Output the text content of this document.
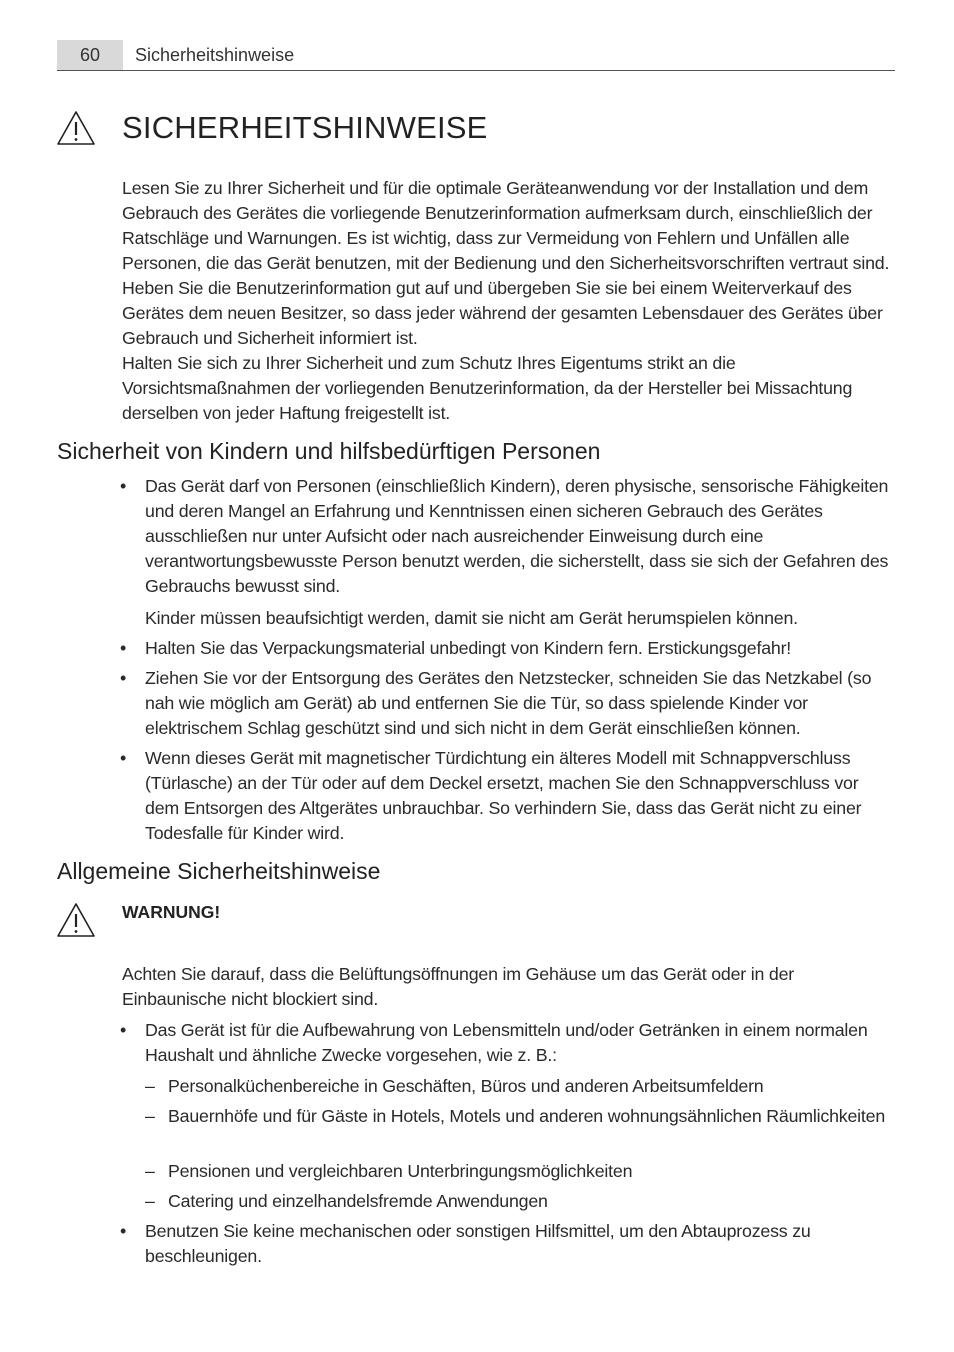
60	Sicherheitshinweise
SICHERHEITSHINWEISE

Lesen Sie zu Ihrer Sicherheit und für die optimale Geräteanwendung vor der Installation und dem Gebrauch des Gerätes die vorliegende Benutzerinformation aufmerksam durch, einschließlich der Ratschläge und Warnungen. Es ist wichtig, dass zur Vermeidung von Fehlern und Unfällen alle Personen, die das Gerät benutzen, mit der Bedienung und den Sicherheitsvorschriften vertraut sind. Heben Sie die Benutzerinformation gut auf und übergeben Sie sie bei einem Weiterverkauf des Gerätes dem neuen Besitzer, so dass jeder während der gesamten Lebensdauer des Gerätes über Gebrauch und Sicherheit informiert ist.
Halten Sie sich zu Ihrer Sicherheit und zum Schutz Ihres Eigentums strikt an die Vorsichtsmaßnahmen der vorliegenden Benutzerinformation, da der Hersteller bei Missachtung derselben von jeder Haftung freigestellt ist.

Sicherheit von Kindern und hilfsbedürftigen Personen
•	Das Gerät darf von Personen (einschließlich Kindern), deren physische, sensorische Fähigkeiten und deren Mangel an Erfahrung und Kenntnissen einen sicheren Gebrauch des Gerätes ausschließen nur unter Aufsicht oder nach ausreichender Einweisung durch eine verantwortungsbewusste Person benutzt werden, die sicherstellt, dass sie sich der Gefahren des Gebrauchs bewusst sind.
Kinder müssen beaufsichtigt werden, damit sie nicht am Gerät herumspielen können.
•	Halten Sie das Verpackungsmaterial unbedingt von Kindern fern. Erstickungsgefahr!
•	Ziehen Sie vor der Entsorgung des Gerätes den Netzstecker, schneiden Sie das Netzkabel (so nah wie möglich am Gerät) ab und entfernen Sie die Tür, so dass spielende Kinder vor elektrischem Schlag geschützt sind und sich nicht in dem Gerät einschließen können.
•	Wenn dieses Gerät mit magnetischer Türdichtung ein älteres Modell mit Schnappverschluss (Türlasche) an der Tür oder auf dem Deckel ersetzt, machen Sie den Schnappverschluss vor dem Entsorgen des Altgerätes unbrauchbar. So verhindern Sie, dass das Gerät nicht zu einer Todesfalle für Kinder wird.
Allgemeine Sicherheitshinweise

WARNUNG!

Achten Sie darauf, dass die Belüftungsöffnungen im Gehäuse um das Gerät oder in der Einbaunische nicht blockiert sind.

•	Das Gerät ist für die Aufbewahrung von Lebensmitteln und/oder Getränken in einem normalen Haushalt und ähnliche Zwecke vorgesehen, wie z. B.:
– Personalküchenbereiche in Geschäften, Büros und anderen Arbeitsumfeldern
– Bauernhöfe und für Gäste in Hotels, Motels und anderen wohnungsähnlichen Räumlichkeiten
– Pensionen und vergleichbaren Unterbringungsmöglichkeiten
– Catering und einzelhandelsfremde Anwendungen
•	Benutzen Sie keine mechanischen oder sonstigen Hilfsmittel, um den Abtauprozess zu beschleunigen.
